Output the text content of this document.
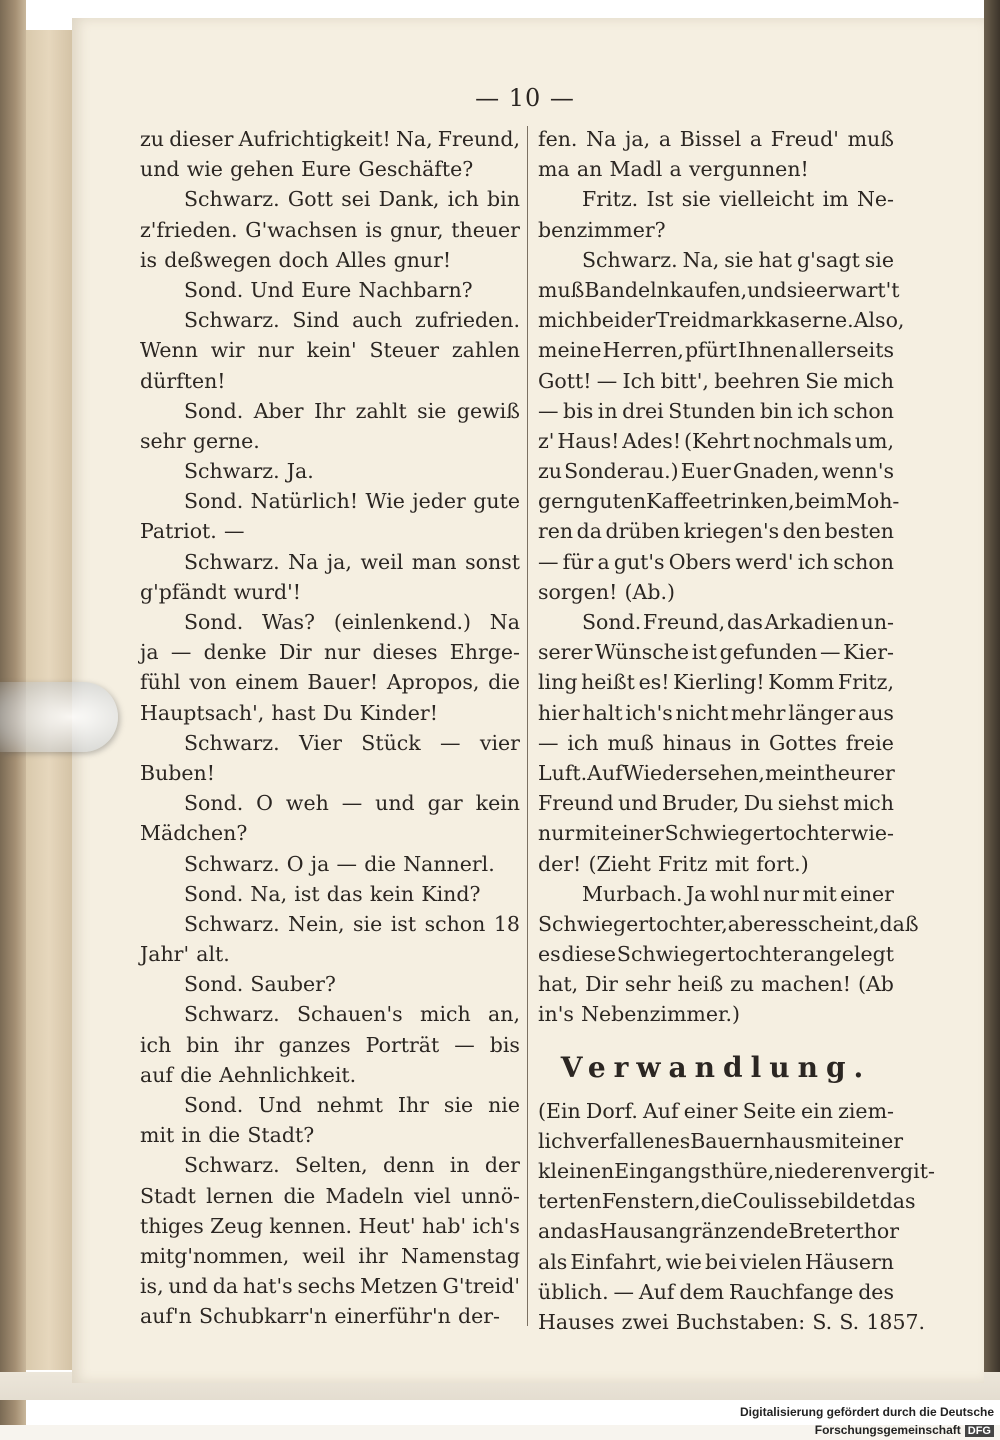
— 10 —
zu dieser Aufrichtigkeit! Na, Freund,
und wie gehen Eure Geschäfte?
Schwarz. Gott sei Dank, ich bin
z'frieden. G'wachsen is gnur, theuer
is deßwegen doch Alles gnur!
Sond. Und Eure Nachbarn?
Schwarz. Sind auch zufrieden.
Wenn wir nur kein' Steuer zahlen
dürften!
Sond. Aber Ihr zahlt sie gewiß
sehr gerne.
Schwarz. Ja.
Sond. Natürlich! Wie jeder gute
Patriot. —
Schwarz. Na ja, weil man sonst
g'pfändt wurd'!
Sond. Was? (einlenkend.) Na
ja — denke Dir nur dieses Ehrge-
fühl von einem Bauer! Apropos, die
Hauptsach', hast Du Kinder!
Schwarz. Vier Stück — vier
Buben!
Sond. O weh — und gar kein
Mädchen?
Schwarz. O ja — die Nannerl.
Sond. Na, ist das kein Kind?
Schwarz. Nein, sie ist schon 18
Jahr' alt.
Sond. Sauber?
Schwarz. Schauen's mich an,
ich bin ihr ganzes Porträt — bis
auf die Aehnlichkeit.
Sond. Und nehmt Ihr sie nie
mit in die Stadt?
Schwarz. Selten, denn in der
Stadt lernen die Madeln viel unnö-
thiges Zeug kennen. Heut' hab' ich's
mitg'nommen, weil ihr Namenstag
is, und da hat's sechs Metzen G'treid'
auf'n Schubkarr'n einerführ'n der-
fen. Na ja, a Bissel a Freud' muß
ma an Madl a vergunnen!
Fritz. Ist sie vielleicht im Ne-
benzimmer?
Schwarz. Na, sie hat g'sagt sie
muß Bandeln kaufen, und sie erwart't
mich bei der Treidmarkkaserne. Also,
meine Herren, pfürt Ihnen allerseits
Gott! — Ich bitt', beehren Sie mich
— bis in drei Stunden bin ich schon
z' Haus! Ades! (Kehrt nochmals um,
zu Sonderau.) Euer Gnaden, wenn's
gern guten Kaffee trinken, beim Moh-
ren da drüben kriegen's den besten
— für a gut's Obers werd' ich schon
sorgen! (Ab.)
Sond. Freund, das Arkadien un-
serer Wünsche ist gefunden — Kier-
ling heißt es! Kierling! Komm Fritz,
hier halt ich's nicht mehr länger aus
— ich muß hinaus in Gottes freie
Luft. Auf Wiedersehen, mein theurer
Freund und Bruder, Du siehst mich
nur mit einer Schwiegertochter wie-
der! (Zieht Fritz mit fort.)
Murbach. Ja wohl nur mit einer
Schwiegertochter, aber es scheint, daß
es diese Schwiegertochter angelegt
hat, Dir sehr heiß zu machen! (Ab
in's Nebenzimmer.)
Verwandlung.
(Ein Dorf. Auf einer Seite ein ziem-
lich verfallenes Bauernhaus mit einer
kleinen Eingangsthüre, niederen vergit-
terten Fenstern, die Coulisse bildet das
an das Haus angränzende Breterthor
als Einfahrt, wie bei vielen Häusern
üblich. — Auf dem Rauchfange des
Hauses zwei Buchstaben: S. S. 1857.
Digitalisierung gefördert durch die Deutsche Forschungsgemeinschaft DFG
